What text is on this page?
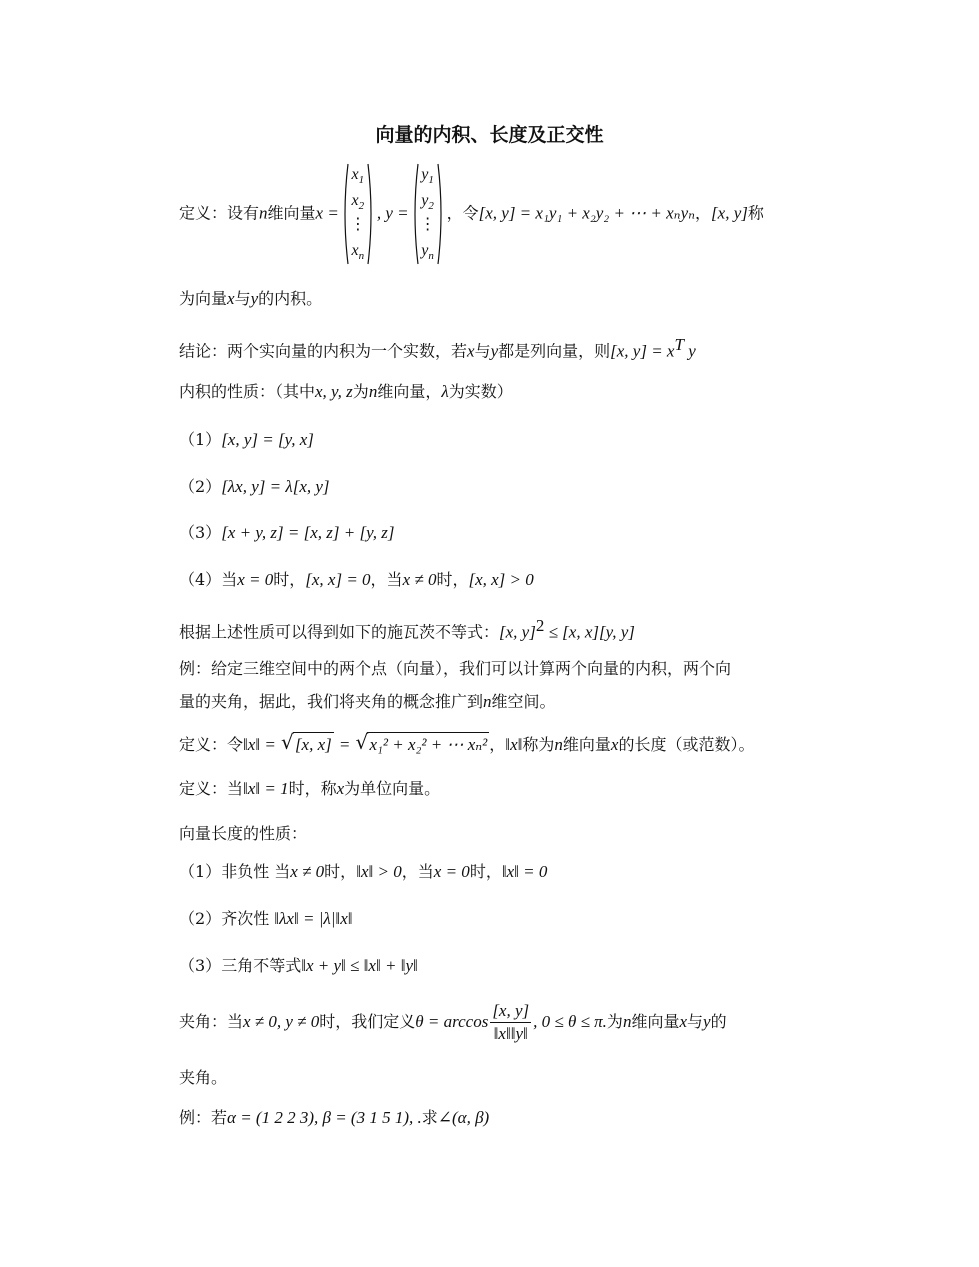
向量的内积、长度及正交性
定义：设有n维向量x =
$x_1$
$x_2$
⋮
$x_n$
, y =
$y_1$
$y_2$
⋮
$y_n$
，令[x, y] = x₁y₁ + x₂y₂ + ⋯ + xₙyₙ，[x, y]称
为向量x与y的内积。
结论：两个实向量的内积为一个实数，若x与y都是列向量，则[x, $y] = x^T$ y
内积的性质：（其中x, y, z为n维向量，λ为实数）
（1）[x, y] = [y, x]
（2）[λx, y] = λ[x, y]
（3）[x + y, z] = [x, z] + [y, z]
（4）当x = 0时，[x, x] = 0，当x ≠ 0时，[x, x] > 0
根据上述性质可以得到如下的施瓦茨不等式：[x, y]$^2$ ≤ [x, x][y, y]
例：给定三维空间中的两个点（向量），我们可以计算两个向量的内积，两个向
量的夹角，据此，我们将夹角的概念推广到n维空间。
定义：令‖x‖ = √ [x, x] = √ x₁² + x₂² + ⋯ xₙ² ，‖x‖称为n维向量x的长度（或范数）。
定义：当‖x‖ = 1时，称x为单位向量。
向量长度的性质：
（1）非负性 当x ≠ 0时，‖x‖ > 0，当x = 0时，‖x‖ = 0
（2）齐次性 ‖λx‖ = |λ|‖x‖
（3）三角不等式‖x + y‖ ≤ ‖x‖ + ‖y‖
夹角：当x ≠ 0, y ≠ 0时，我们定义$\theta = \arccos \frac{[x, y]}{‖x‖‖y‖}$ , 0 ≤ θ ≤ π.为n维向量x与y的
夹角。
例：若α = (1 2 2 3), β = (3 1 5 1), .求∠(α, β)
